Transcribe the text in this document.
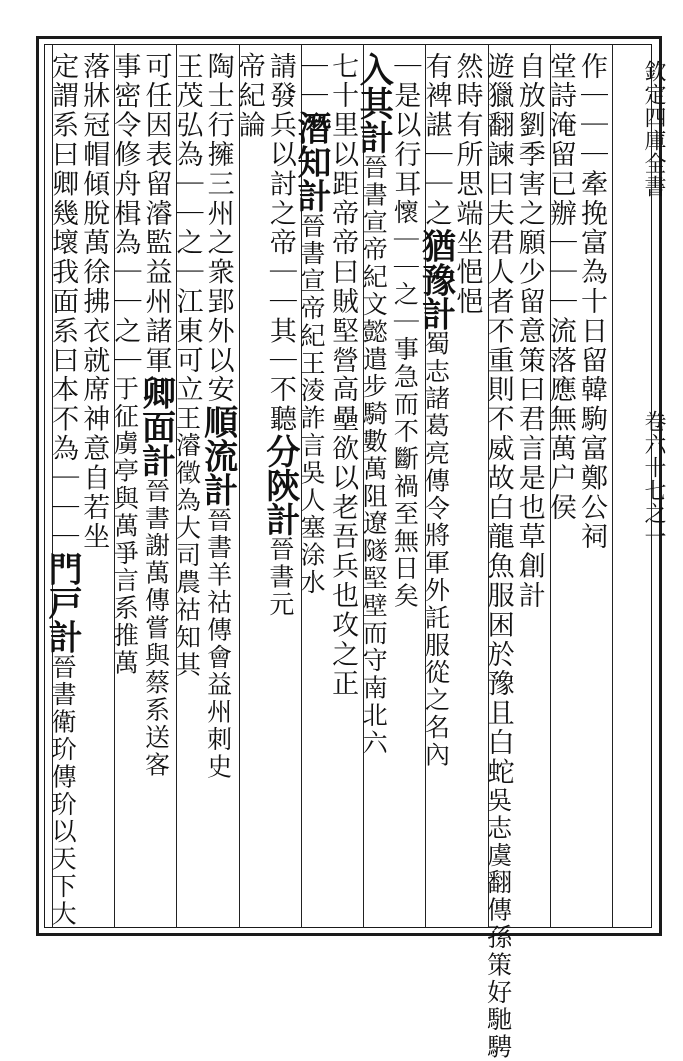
欽定四庫全書
卷六十七之一
作｜｜｜牽挽富為十日留韓駒富鄭公祠
堂詩淹留已辦｜｜｜流落應無萬户侯
自放劉季害之願少留意策曰君言是也草創計
遊獵翻諫曰夫君人者不重則不威故白龍魚服困於豫且白蛇吳志虞翻傳孫策好馳騁
然時有所思端坐悒悒
有裨諶｜｜之猶豫計蜀志諸葛亮傳令將軍外託服從之名內
｜是以行耳懷｜｜之｜事急而不斷禍至無日矣
入其計晉書宣帝紀文懿遣步騎數萬阻遼隧堅壁而守南北六
七十里以距帝帝曰賊堅營高壘欲以老吾兵也攻之正
｜｜潛知計晉書宣帝紀王淩詐言吳人塞涂水
請發兵以討之帝｜｜其｜不聽分陝計晉書元
帝紀論
陶士行擁三州之衆郢外以安順流計晉書羊祜傳會益州刺史
王茂弘為｜｜之｜江東可立王濬徵為大司農祜知其
可任因表留濬監益州諸軍卿面計晉書謝萬傳嘗與蔡系送客
事密令修舟楫為｜｜之｜于征虜亭與萬爭言系推萬
落牀冠帽傾脫萬徐拂衣就席神意自若坐
定謂系曰卿幾壞我面系曰本不為｜｜｜門戸計晉書衛玠傳玠以天下大
